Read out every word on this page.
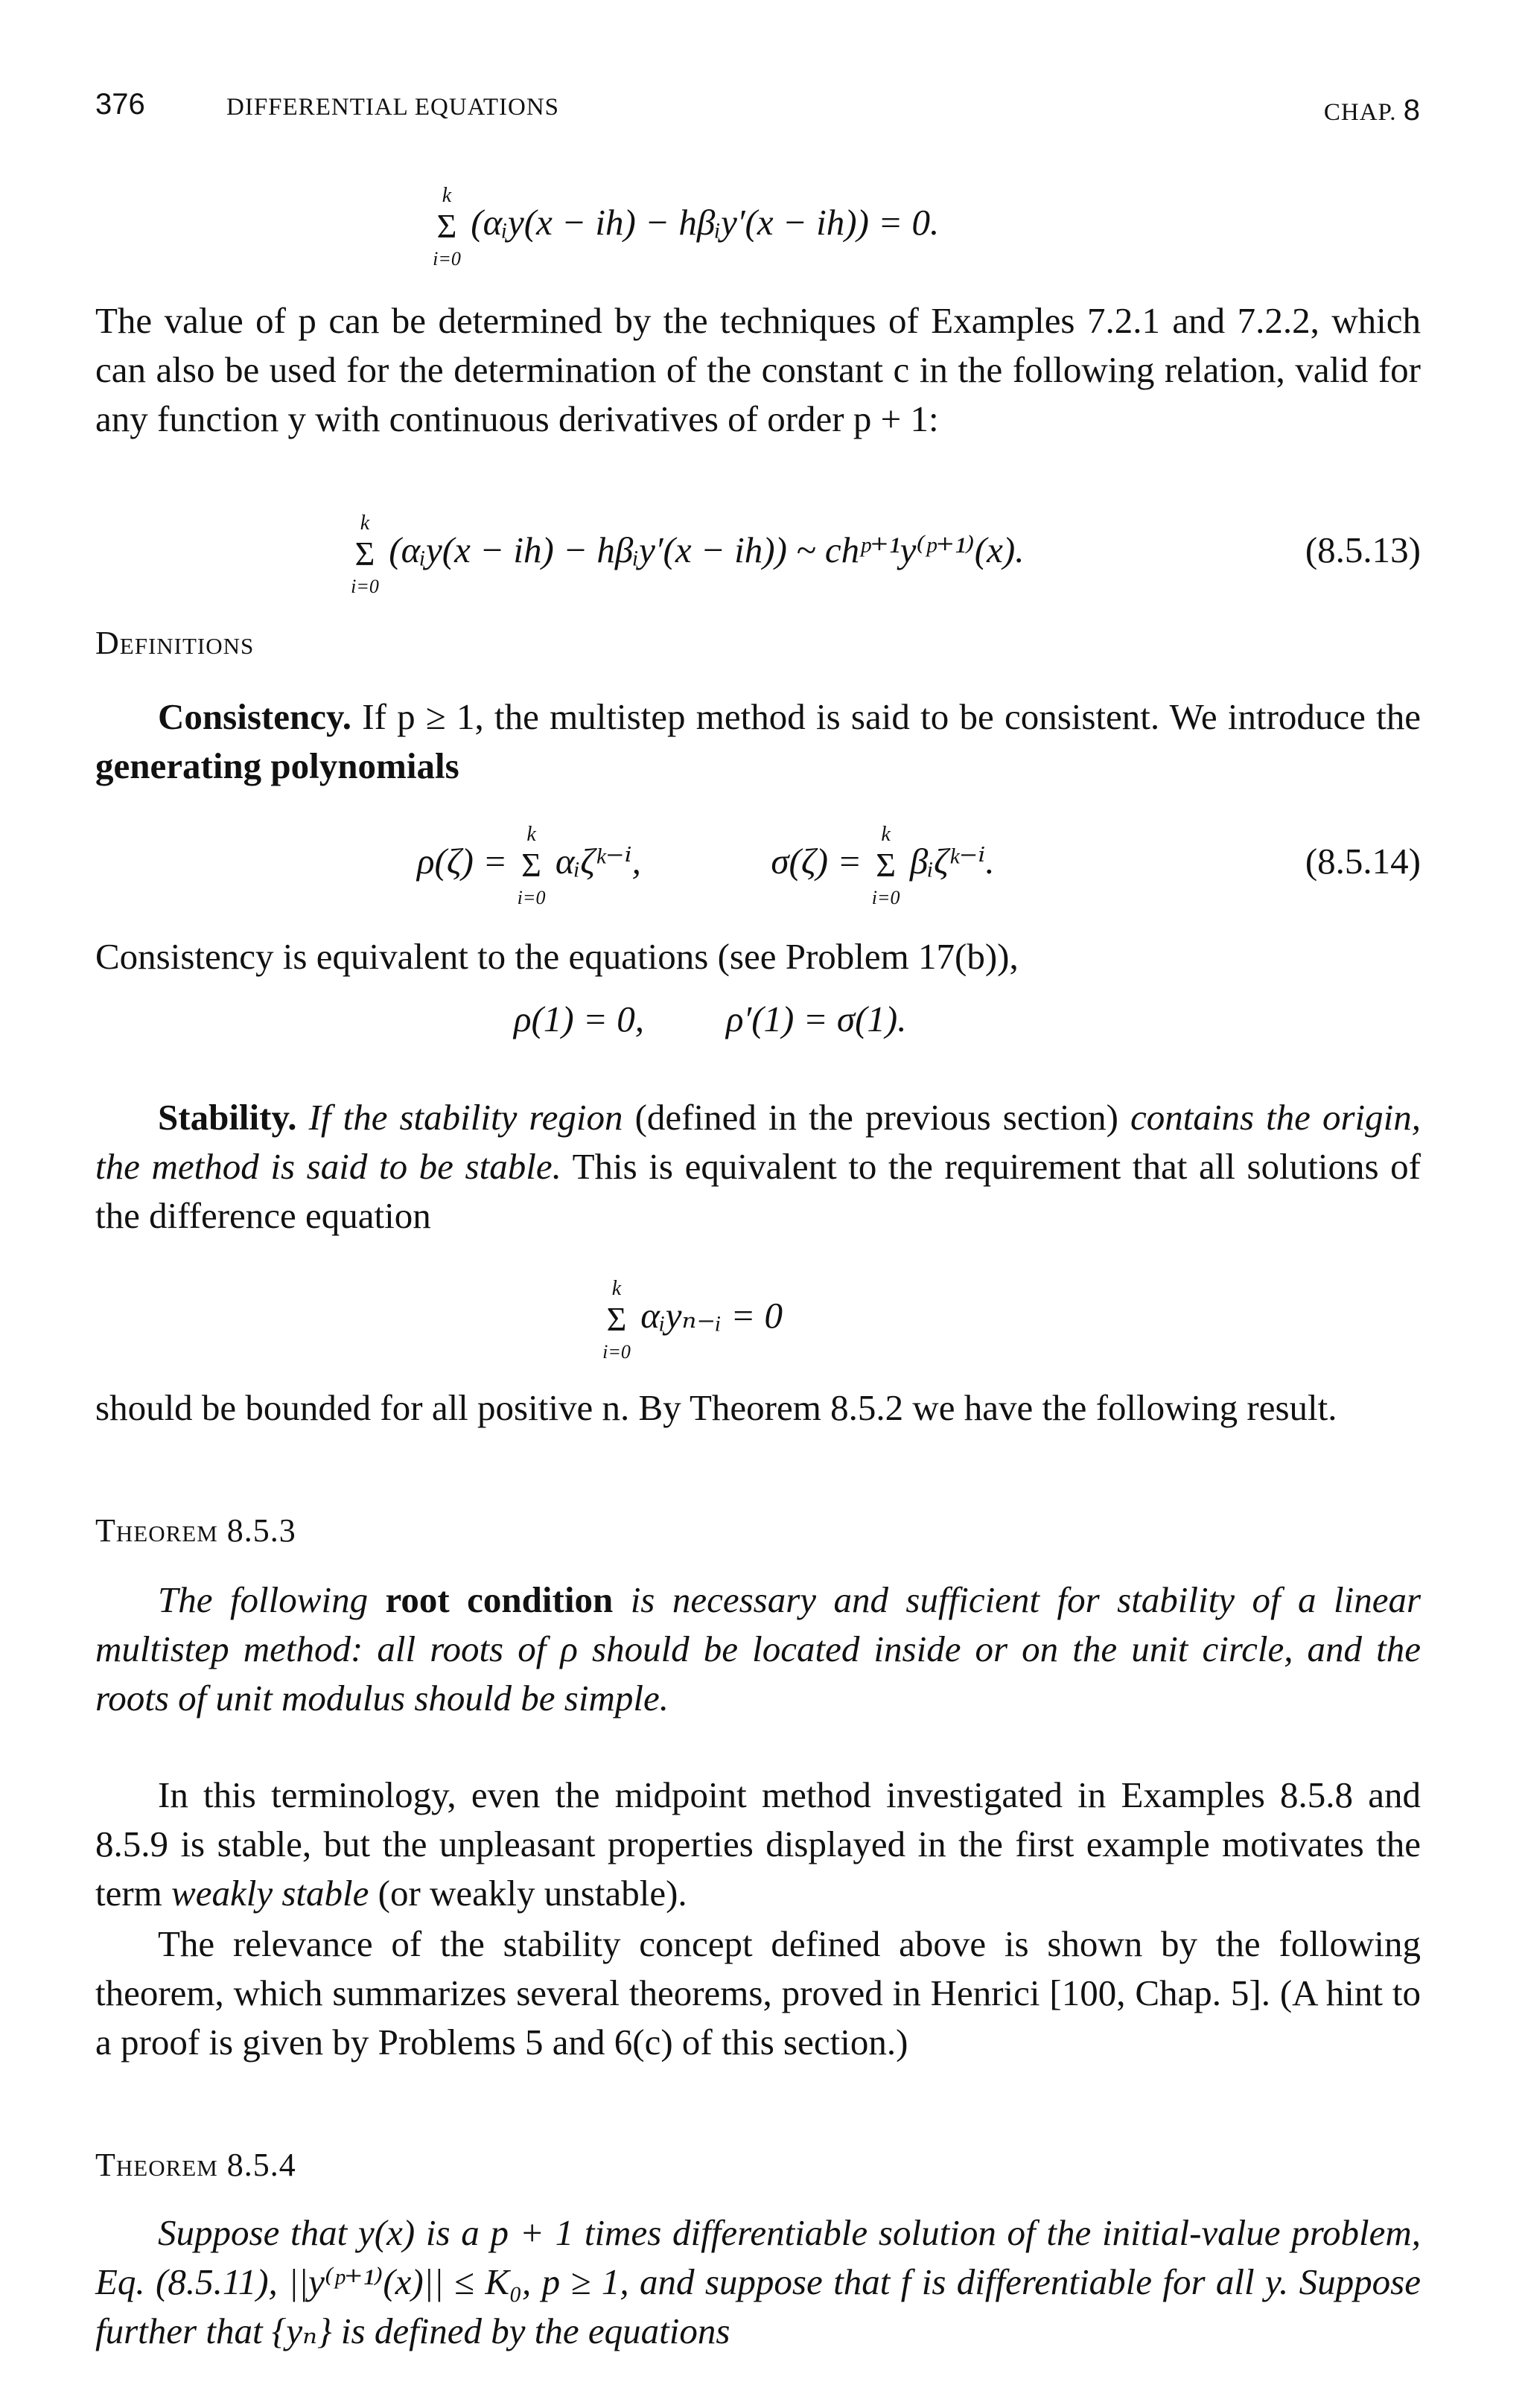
376	DIFFERENTIAL EQUATIONS	CHAP. 8
k
Σ
i=0
(αᵢy(x − ih) − hβᵢy′(x − ih)) = 0.

The value of p can be determined by the techniques of Examples 7.2.1 and 7.2.2, which can also be used for the determination of the constant c in the following relation, valid for any function y with continuous derivatives of order p + 1:

k
Σ
i=0
(αᵢy(x − ih) − hβᵢy′(x − ih)) ~ chᵖ⁺¹y⁽ᵖ⁺¹⁾(x).	(8.5.13)
Definitions

Consistency. If p ≥ 1, the multistep method is said to be consistent. We introduce the generating polynomials

ρ(ζ) =
k
Σ
i=0
αᵢζᵏ⁻ⁱ,	σ(ζ) =
k
Σ
i=0
βᵢζᵏ⁻ⁱ.	(8.5.14)

Consistency is equivalent to the equations (see Problem 17(b)),

ρ(1) = 0, ρ′(1) = σ(1).

Stability. If the stability region (defined in the previous section) contains the origin, the method is said to be stable. This is equivalent to the requirement that all solutions of the difference equation

k
Σ
i=0
αᵢyₙ₋ᵢ = 0

should be bounded for all positive n. By Theorem 8.5.2 we have the following result.

Theorem 8.5.3

The following root condition is necessary and sufficient for stability of a linear multistep method: all roots of ρ should be located inside or on the unit circle, and the roots of unit modulus should be simple.

In this terminology, even the midpoint method investigated in Examples 8.5.8 and 8.5.9 is stable, but the unpleasant properties displayed in the first example motivates the term weakly stable (or weakly unstable).

The relevance of the stability concept defined above is shown by the following theorem, which summarizes several theorems, proved in Henrici [100, Chap. 5]. (A hint to a proof is given by Problems 5 and 6(c) of this section.)

Theorem 8.5.4

Suppose that y(x) is a p + 1 times differentiable solution of the initial-value problem, Eq. (8.5.11), ||y⁽ᵖ⁺¹⁾(x)|| ≤ K₀, p ≥ 1, and suppose that f is differentiable for all y. Suppose further that {yₙ} is defined by the equations
